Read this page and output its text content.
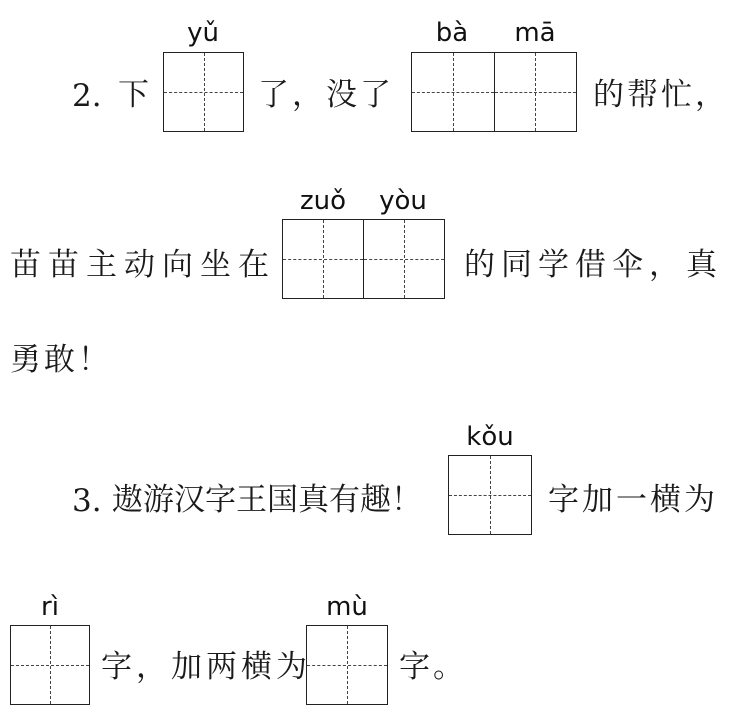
2. 下
yǔ
了，没了
bà	mā
的帮忙，
zuǒ	yòu
苗苗主动向坐在	的同学借伞，真
勇敢！
kǒu
3. 遨游汉字王国真有趣！	字加一横为
rì
字，加两横为
mù
字。
